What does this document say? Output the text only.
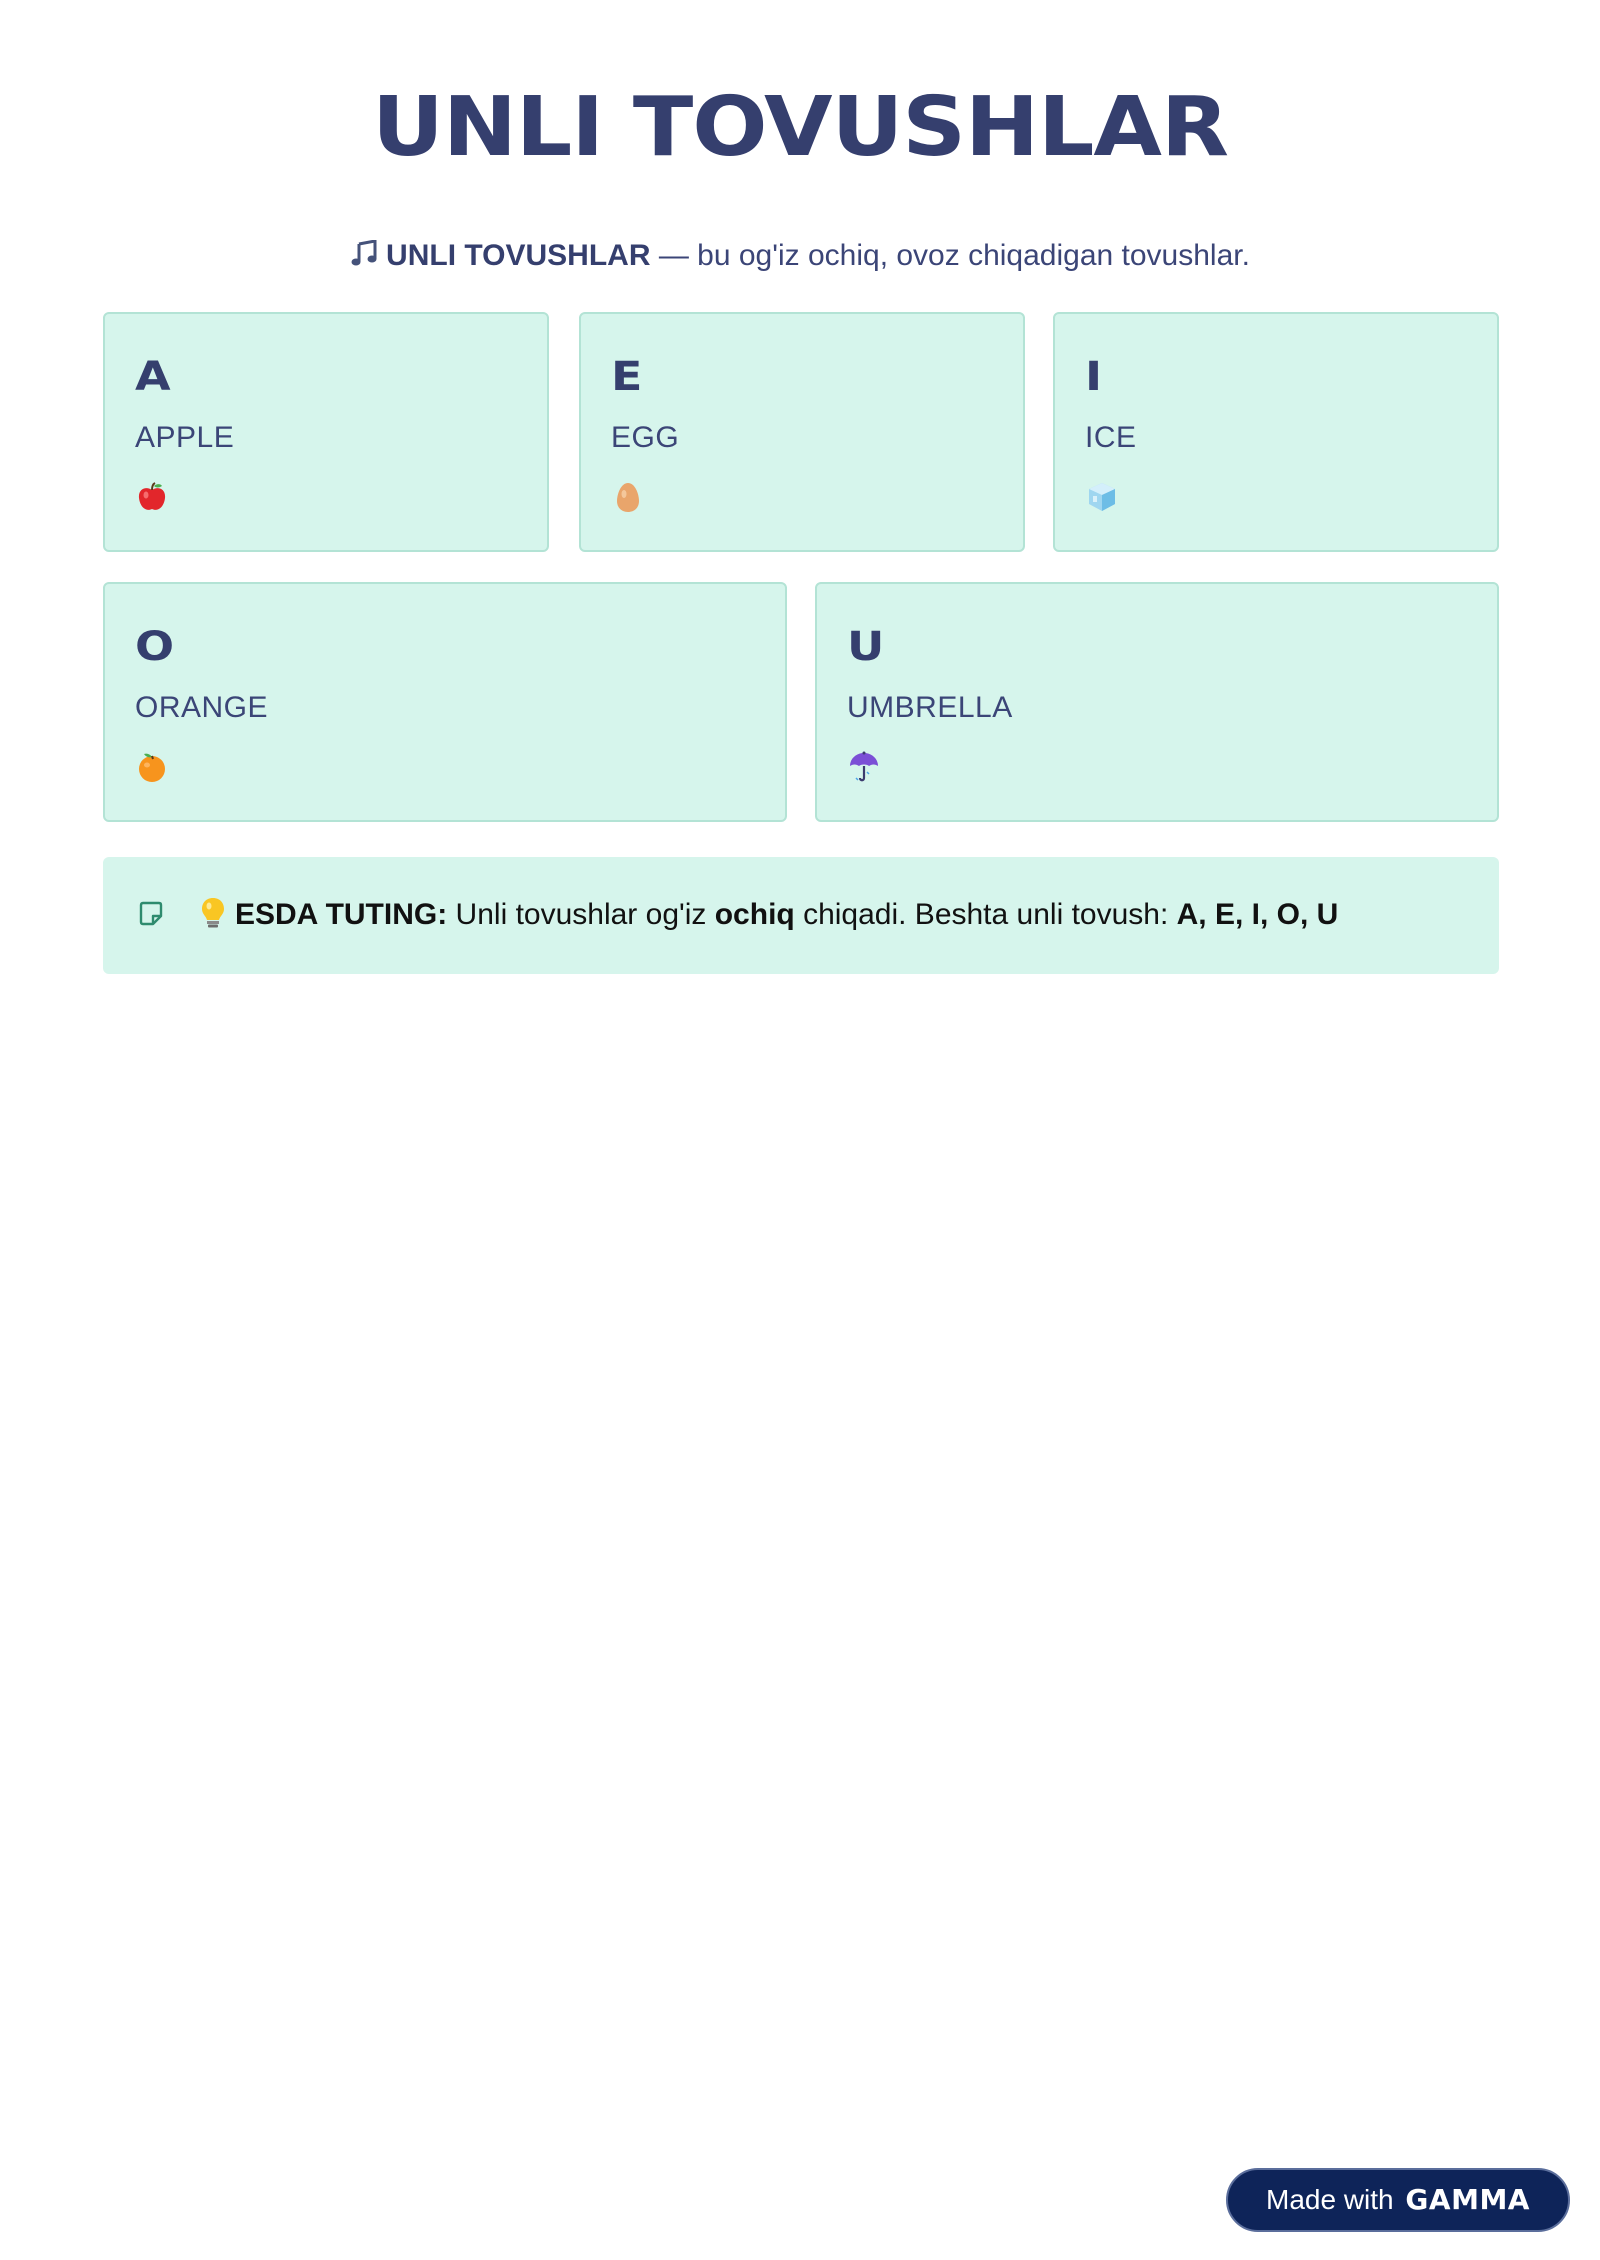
UNLI TOVUSHLAR
UNLI TOVUSHLAR — bu og'iz ochiq, ovoz chiqadigan tovushlar.
A
APPLE
E
EGG
I
ICE
O
ORANGE
U
UMBRELLA
ESDA TUTING: Unli tovushlar og'iz ochiq chiqadi. Beshta unli tovush: A, E, I, O, U
Made with GAMMA
